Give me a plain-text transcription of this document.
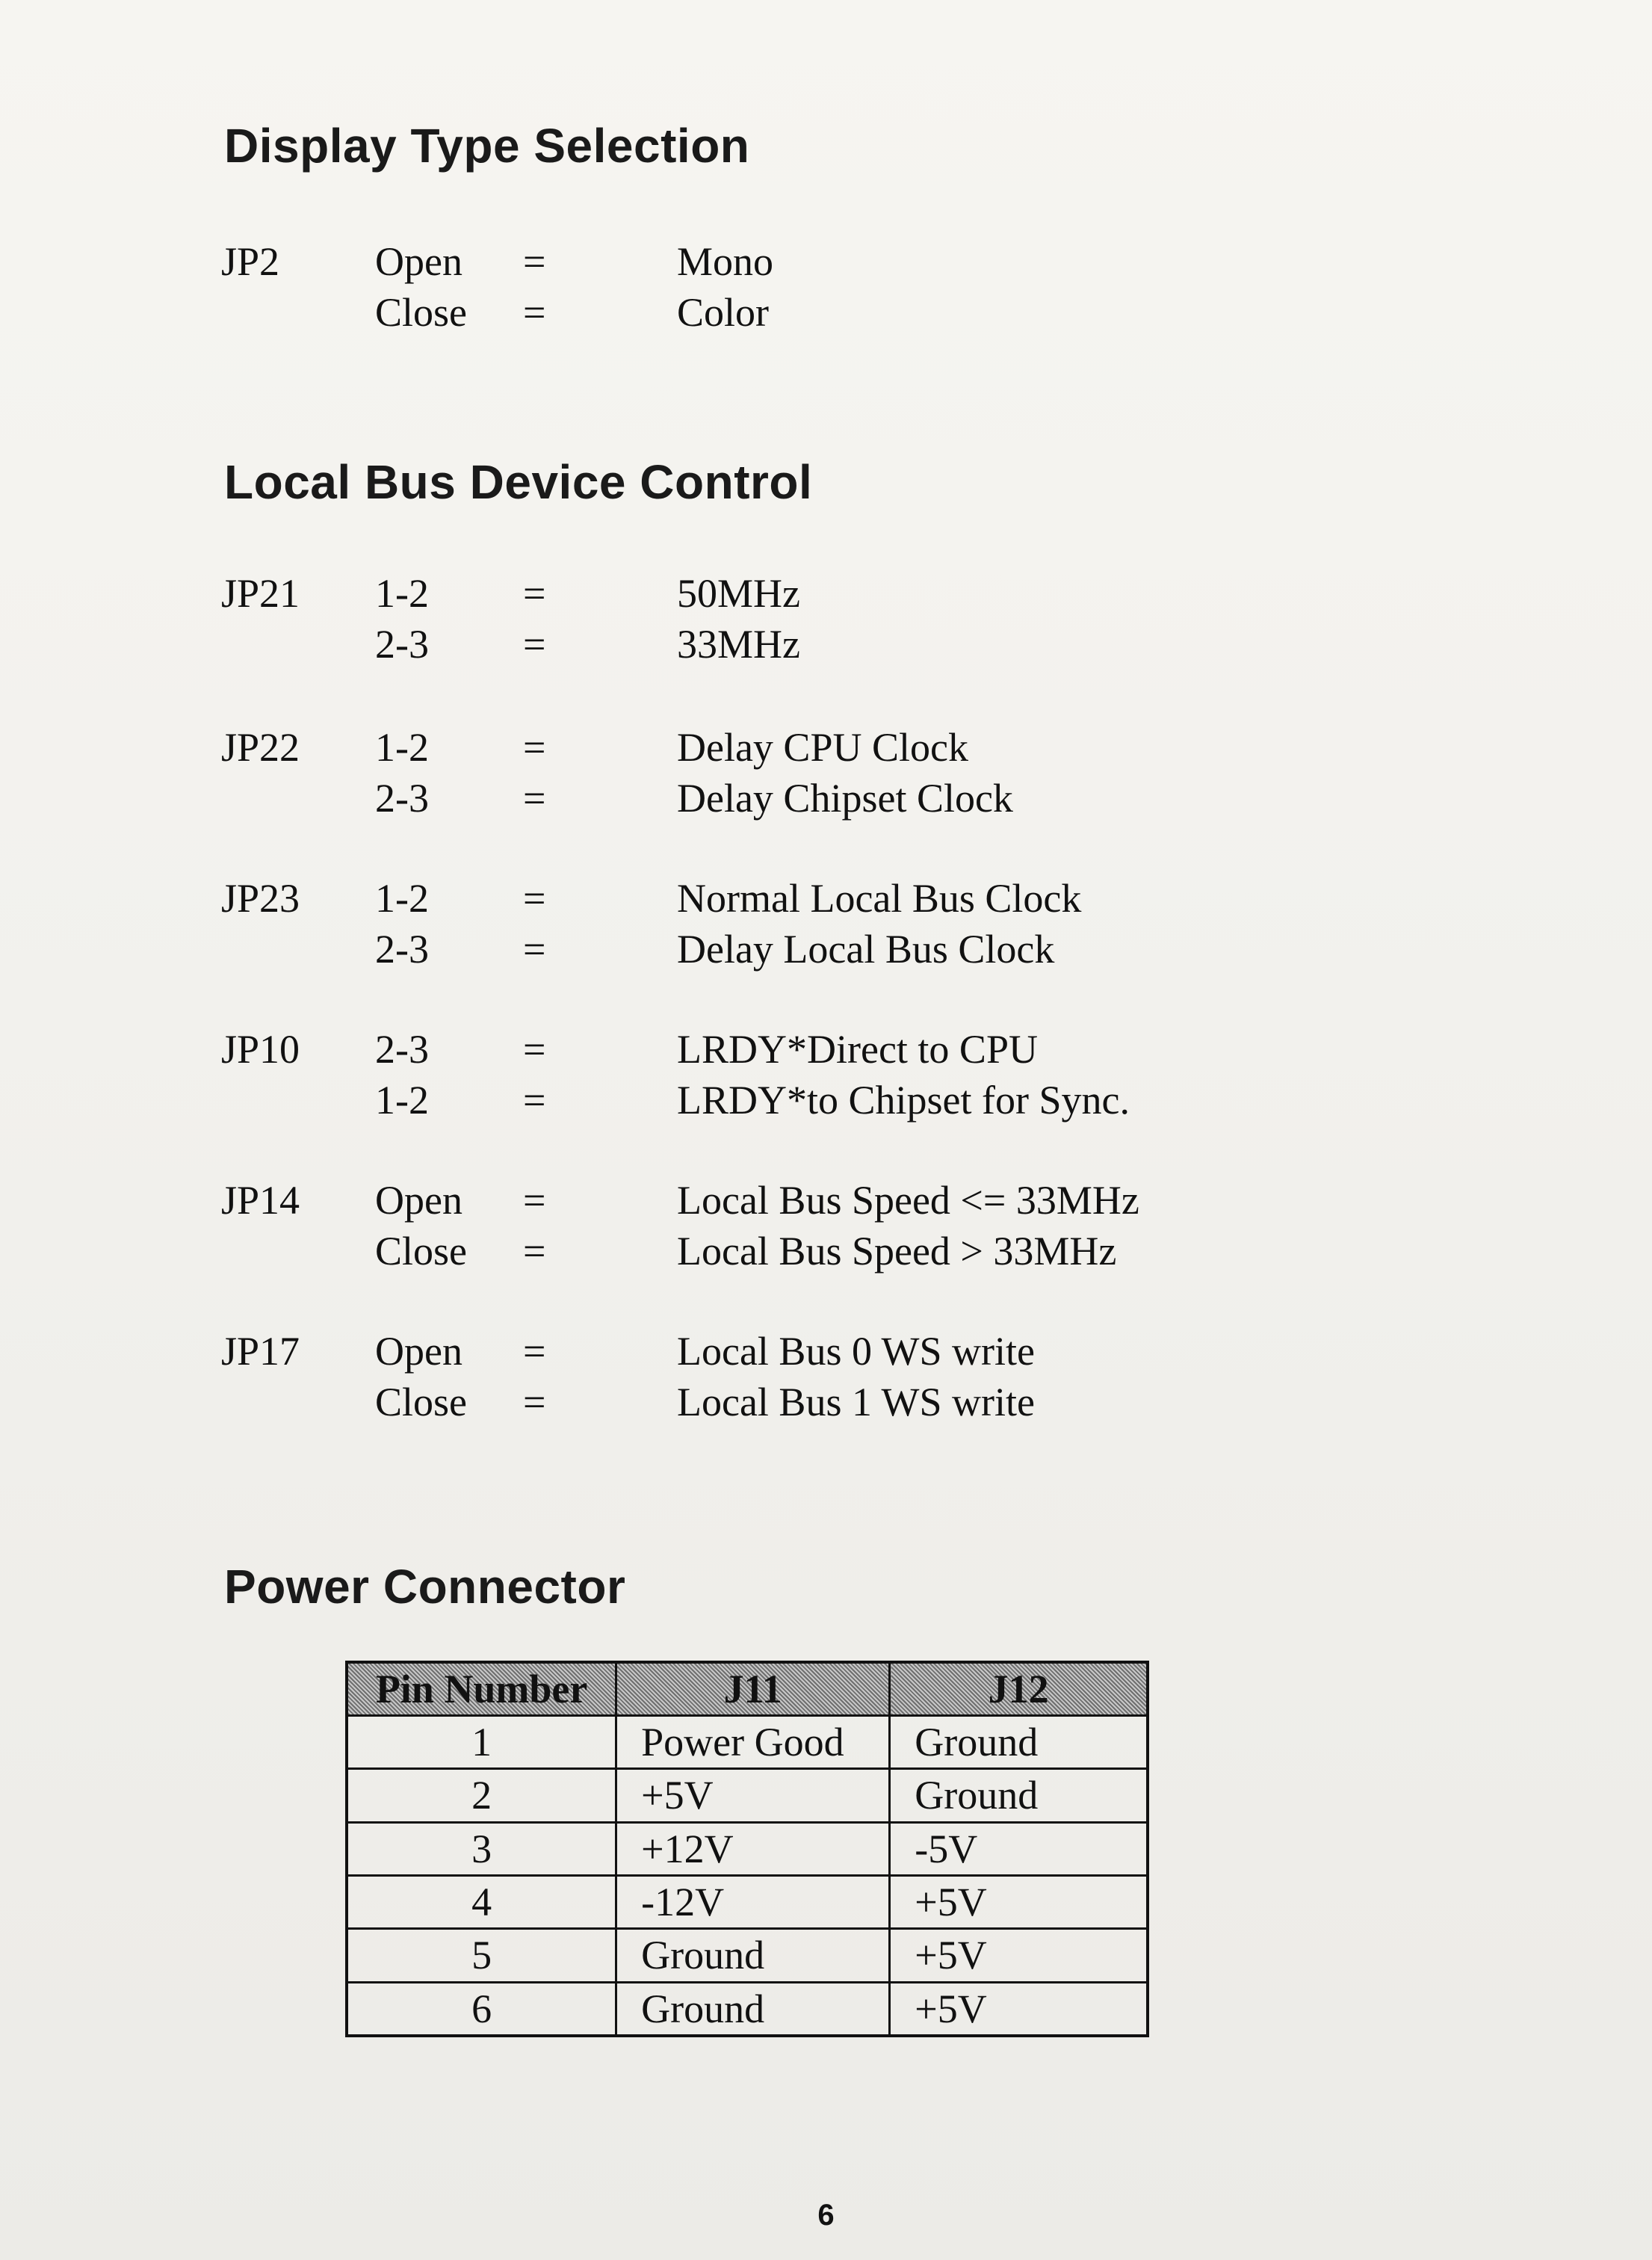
Display Type Selection
JP2 Open =	Mono
Close =	Color
Local Bus Device Control
JP21 1-2 =	50MHz
2-3 =	33MHz
JP22 1-2 =	Delay CPU Clock
2-3 =	Delay Chipset Clock
JP23 1-2 =	Normal Local Bus Clock
2-3 =	Delay Local Bus Clock
JP10 2-3 =	LRDY*Direct to CPU
1-2 =	LRDY*to Chipset for Sync.
JP14 Open =	Local Bus Speed <= 33MHz
Close =	Local Bus Speed > 33MHz
JP17 Open =	Local Bus 0 WS write
Close =	Local Bus 1 WS write
Power Connector
Pin Number	J11	J12
1	Power Good	Ground
2	+5V	Ground
3	+12V	-5V
4	-12V	+5V
5	Ground	+5V
6	Ground	+5V
6
